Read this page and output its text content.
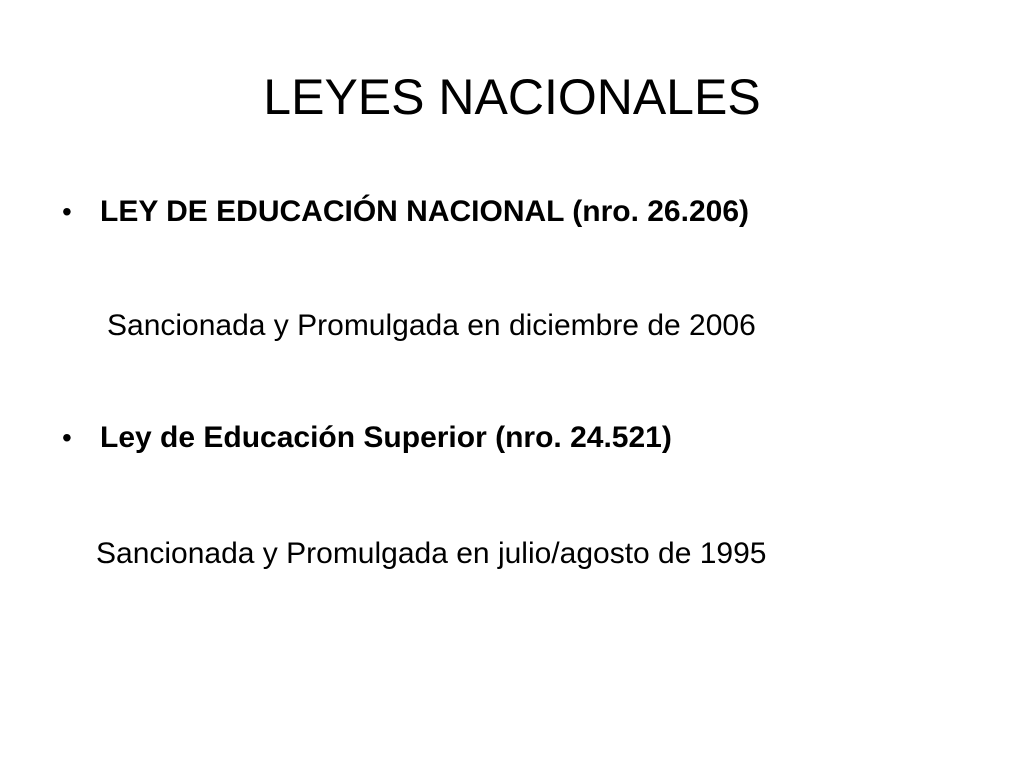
LEYES NACIONALES
• LEY DE EDUCACIÓN NACIONAL (nro. 26.206)
Sancionada y Promulgada en diciembre de 2006
• Ley de Educación Superior (nro. 24.521)
Sancionada y Promulgada en julio/agosto de 1995
